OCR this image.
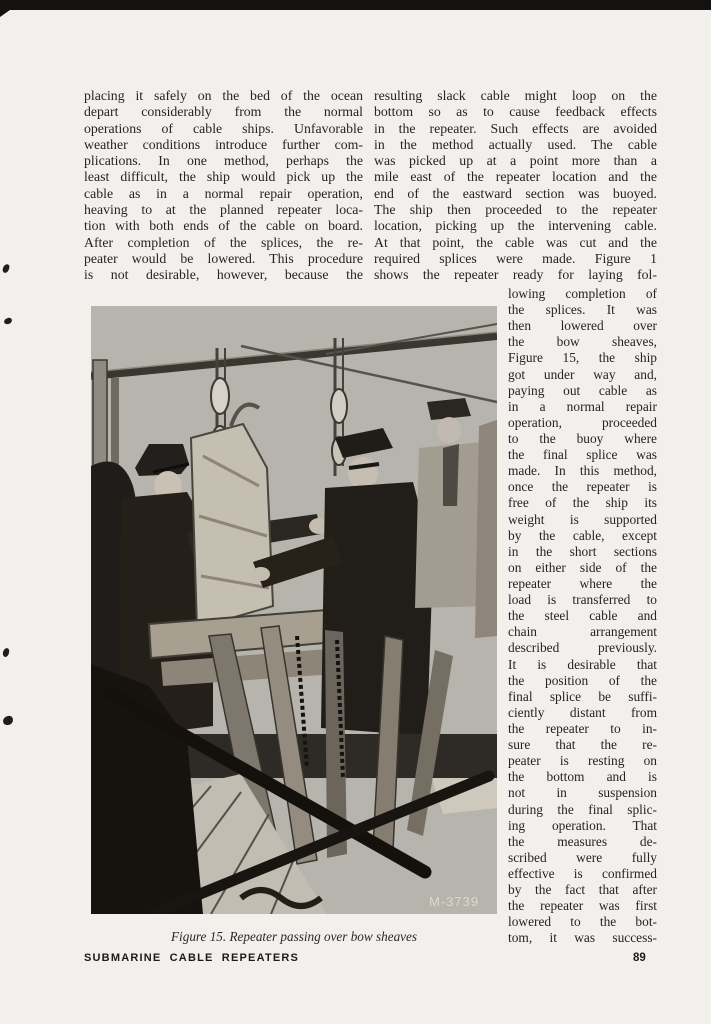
placing it safely on the bed of the ocean
depart considerably from the normal
operations of cable ships. Unfavorable
weather conditions introduce further com-
plications. In one method, perhaps the
least difficult, the ship would pick up the
cable as in a normal repair operation,
heaving to at the planned repeater loca-
tion with both ends of the cable on board.
After completion of the splices, the re-
peater would be lowered. This procedure
is not desirable, however, because the
resulting slack cable might loop on the
bottom so as to cause feedback effects
in the repeater. Such effects are avoided
in the method actually used. The cable
was picked up at a point more than a
mile east of the repeater location and the
end of the eastward section was buoyed.
The ship then proceeded to the repeater
location, picking up the intervening cable.
At that point, the cable was cut and the
required splices were made. Figure 1
shows the repeater ready for laying fol-
M-3739
lowing completion of
the splices. It was
then lowered over
the bow sheaves,
Figure 15, the ship
got under way and,
paying out cable as
in a normal repair
operation, proceeded
to the buoy where
the final splice was
made. In this method,
once the repeater is
free of the ship its
weight is supported
by the cable, except
in the short sections
on either side of the
repeater where the
load is transferred to
the steel cable and
chain arrangement
described previously.
It is desirable that
the position of the
final splice be suffi-
ciently distant from
the repeater to in-
sure that the re-
peater is resting on
the bottom and is
not in suspension
during the final splic-
ing operation. That
the measures de-
scribed were fully
effective is confirmed
by the fact that after
the repeater was first
lowered to the bot-
tom, it was success-
Figure 15. Repeater passing over bow sheaves
SUBMARINE CABLE REPEATERS	89
